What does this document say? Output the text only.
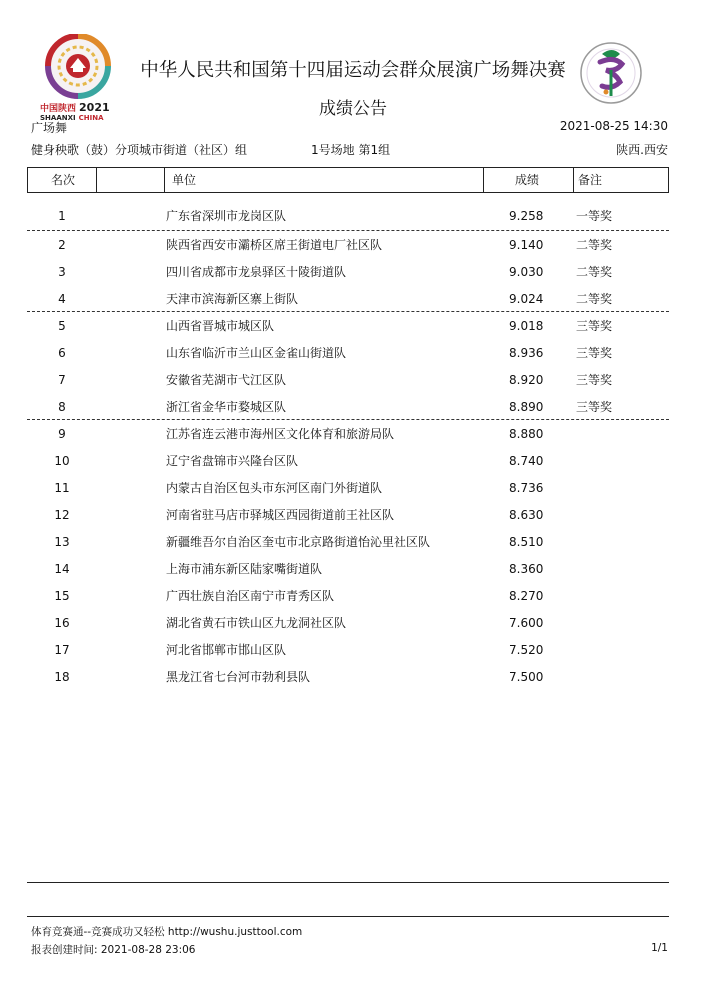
中国陕西 2021
SHAANXI CHINA
中华人民共和国第十四届运动会群众展演广场舞决赛
成绩公告
广场舞	2021-08-25 14:30
健身秧歌（鼓）分项城市街道（社区）组	1号场地 第1组	陕西.西安
名次	单位	成绩	备注
1	广东省深圳市龙岗区队	9.258	一等奖
2	陕西省西安市灞桥区席王街道电厂社区队	9.140	二等奖
3	四川省成都市龙泉驿区十陵街道队	9.030	二等奖
4	天津市滨海新区寨上街队	9.024	二等奖
5	山西省晋城市城区队	9.018	三等奖
6	山东省临沂市兰山区金雀山街道队	8.936	三等奖
7	安徽省芜湖市弋江区队	8.920	三等奖
8	浙江省金华市婺城区队	8.890	三等奖
9	江苏省连云港市海州区文化体育和旅游局队	8.880
10	辽宁省盘锦市兴隆台区队	8.740
11	内蒙古自治区包头市东河区南门外街道队	8.736
12	河南省驻马店市驿城区西园街道前王社区队	8.630
13	新疆维吾尔自治区奎屯市北京路街道怡沁里社区队	8.510
14	上海市浦东新区陆家嘴街道队	8.360
15	广西壮族自治区南宁市青秀区队	8.270
16	湖北省黄石市铁山区九龙洞社区队	7.600
17	河北省邯郸市邯山区队	7.520
18	黑龙江省七台河市勃利县队	7.500
体育竞赛通--竞赛成功又轻松 http://wushu.justtool.com
报表创建时间: 2021-08-28 23:06	1/1
